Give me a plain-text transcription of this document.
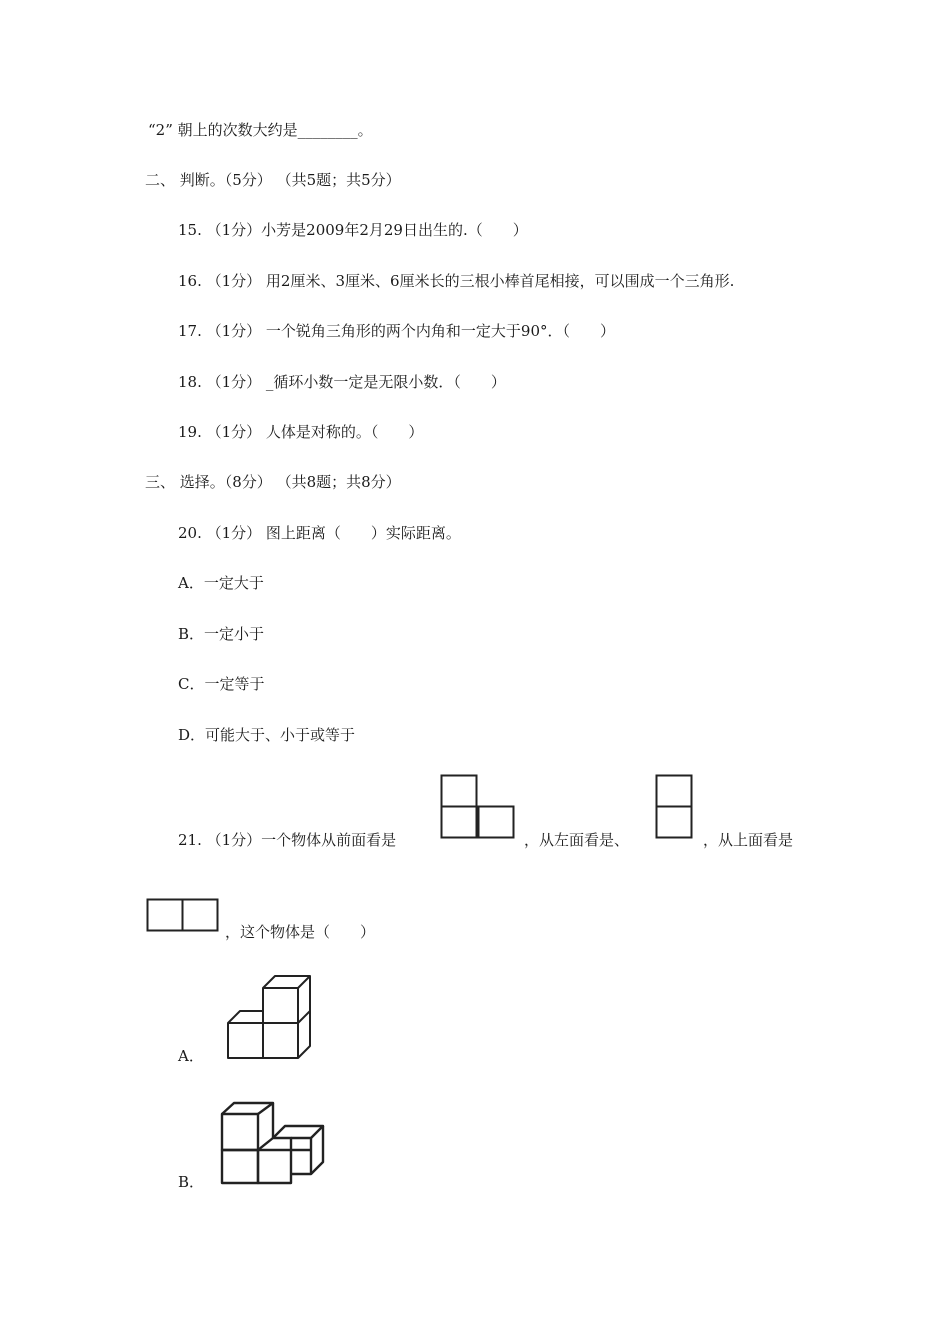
“2” 朝上的次数大约是________。
二、 判断。（5分） （共5题；共5分）
15. （1分）小芳是2009年2月29日出生的.（　　）
16. （1分） 用2厘米、3厘米、6厘米长的三根小棒首尾相接，可以围成一个三角形.
17. （1分） 一个锐角三角形的两个内角和一定大于90°．（　　）
18. （1分） _循环小数一定是无限小数．（　　）
19. （1分） 人体是对称的。（　　）
三、 选择。（8分） （共8题；共8分）
20. （1分） 图上距离（　　）实际距离。
A．一定大于
B．一定小于
C．一定等于
D．可能大于、小于或等于
21. （1分）一个物体从前面看是	，从左面看是、	，从上面看是
，这个物体是（　　）
A．
B．
